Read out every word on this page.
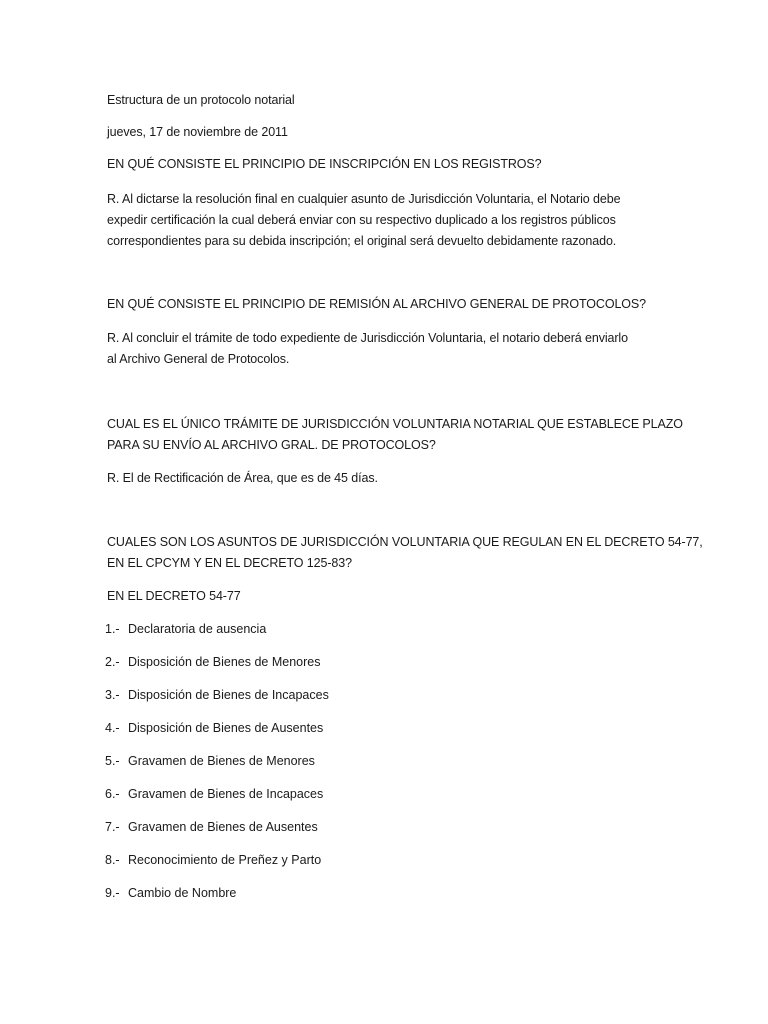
Estructura de un protocolo notarial
jueves, 17 de noviembre de 2011
EN QUÉ CONSISTE EL PRINCIPIO DE INSCRIPCIÓN EN LOS REGISTROS?
R. Al dictarse la resolución final en cualquier asunto de Jurisdicción Voluntaria, el Notario debe
expedir certificación la cual deberá enviar con su respectivo duplicado a los registros públicos
correspondientes para su debida inscripción; el original será devuelto debidamente razonado.
EN QUÉ CONSISTE EL PRINCIPIO DE REMISIÓN AL ARCHIVO GENERAL DE PROTOCOLOS?
R. Al concluir el trámite de todo expediente de Jurisdicción Voluntaria, el notario deberá enviarlo
al Archivo General de Protocolos.
CUAL ES EL ÚNICO TRÁMITE DE JURISDICCIÓN VOLUNTARIA NOTARIAL QUE ESTABLECE PLAZO
PARA SU ENVÍO AL ARCHIVO GRAL. DE PROTOCOLOS?
R. El de Rectificación de Área, que es de 45 días.
CUALES SON LOS ASUNTOS DE JURISDICCIÓN VOLUNTARIA QUE REGULAN EN EL DECRETO 54-77,
EN EL CPCYM Y EN EL DECRETO 125-83?
EN EL DECRETO 54-77
1.- Declaratoria de ausencia
2.- Disposición de Bienes de Menores
3.- Disposición de Bienes de Incapaces
4.- Disposición de Bienes de Ausentes
5.- Gravamen de Bienes de Menores
6.- Gravamen de Bienes de Incapaces
7.- Gravamen de Bienes de Ausentes
8.- Reconocimiento de Preñez y Parto
9.- Cambio de Nombre
